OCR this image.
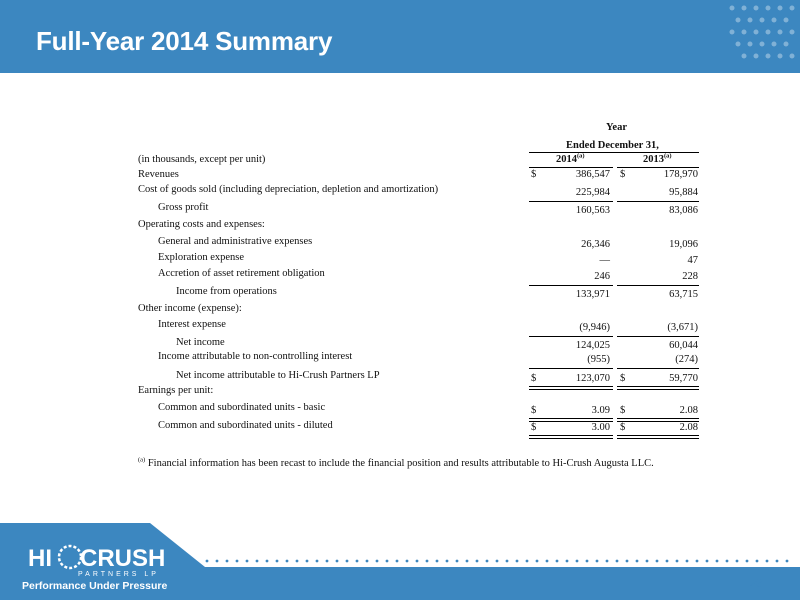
Full-Year 2014 Summary
Year
Ended December 31,
(in thousands, except per unit)	2014$^{(a)}$	2013$^{(a)}$
Revenues	$	386,547 $	178,970
Cost of goods sold (including depreciation, depletion and amortization)	225,984	95,884
Gross profit	160,563	83,086
Operating costs and expenses:
General and administrative expenses	26,346	19,096
Exploration expense	—	47
Accretion of asset retirement obligation	246	228
Income from operations	133,971	63,715
Other income (expense):
Interest expense	(9,946)	(3,671)
Net income	124,025	60,044
Income attributable to non-controlling interest	(955)	(274)
Net income attributable to Hi-Crush Partners LP	$	123,070 $	59,770
Earnings per unit:
Common and subordinated units - basic	$	3.09 $	2.08
Common and subordinated units - diluted	$	3.00 $	2.08
$^{(a)}$ Financial information has been recast to include the financial position and results attributable to Hi-Crush Augusta LLC.
HI CRUSH
PARTNERS LP
Performance Under Pressure	23
